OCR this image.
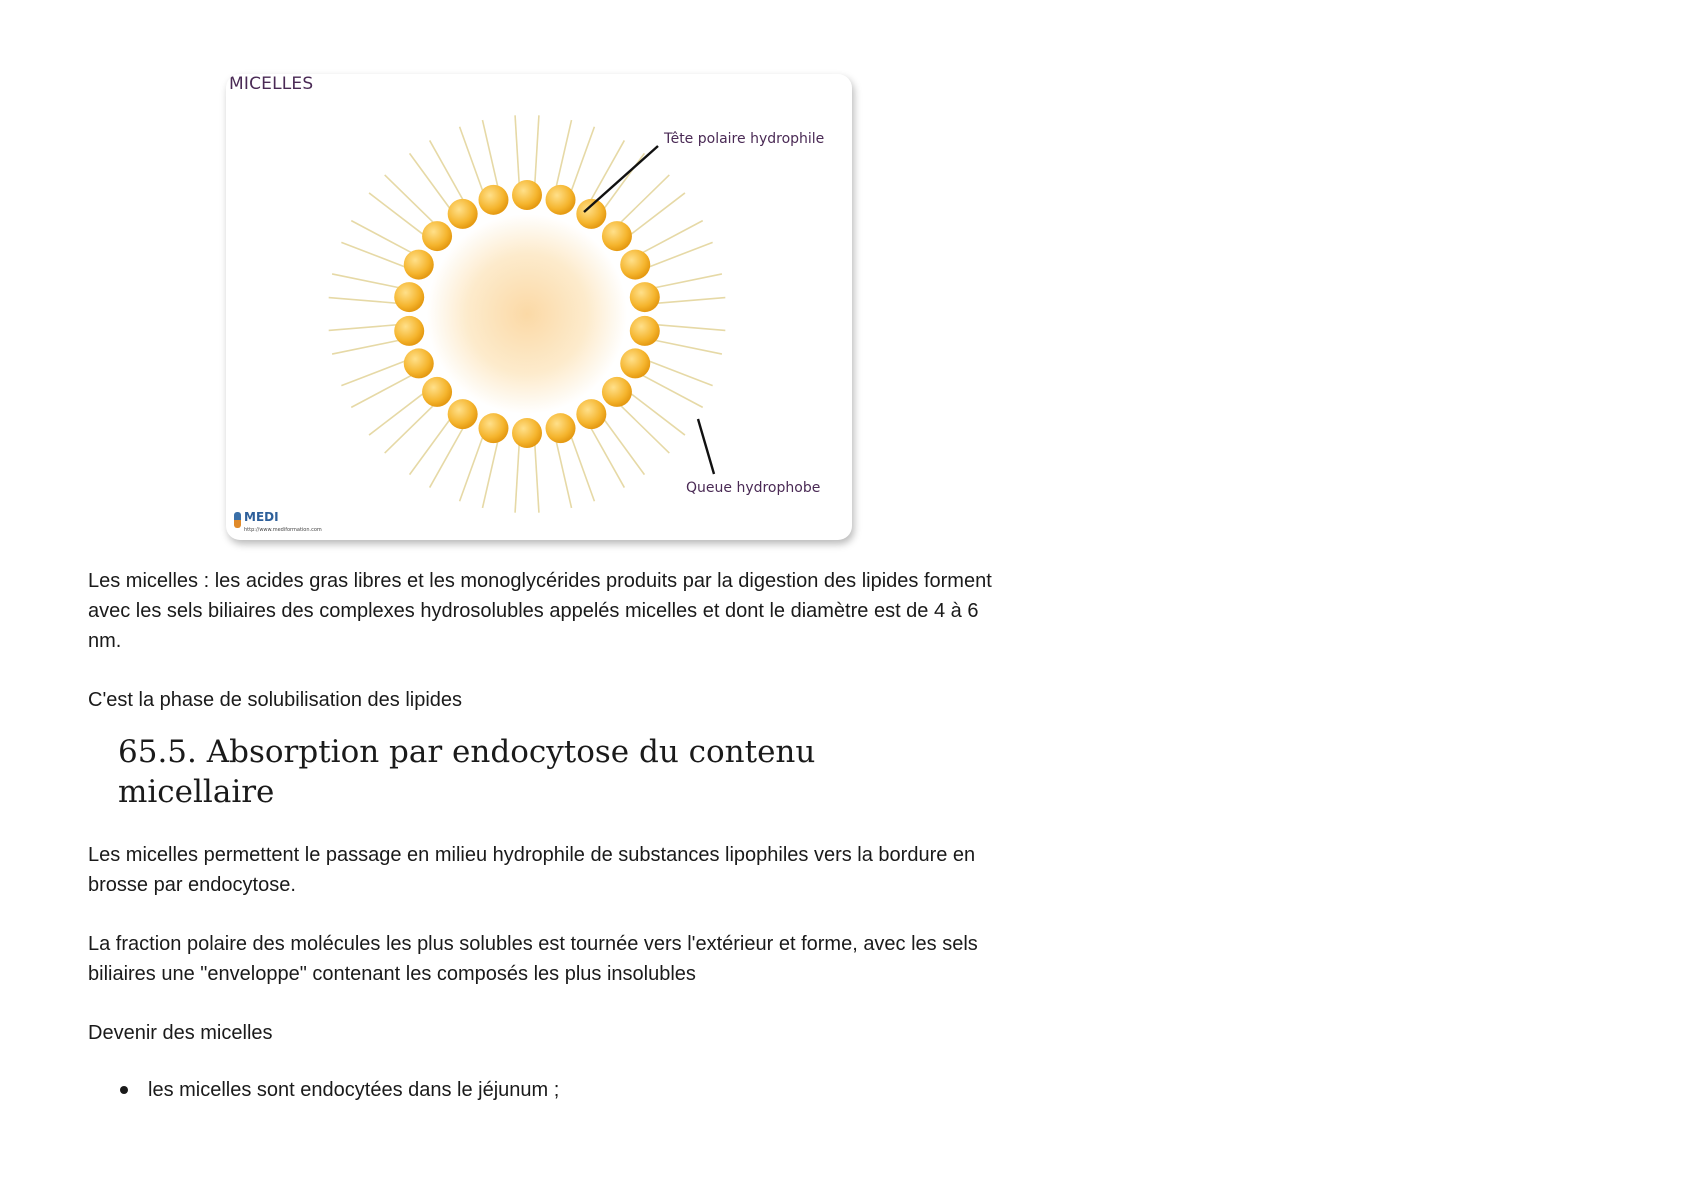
MICELLES
Tête polaire hydrophile
Queue hydrophobe
MEDI
http://www.mediformation.com

Les micelles : les acides gras libres et les monoglycérides produits par la digestion des lipides forment avec les sels biliaires des complexes hydrosolubles appelés micelles et dont le diamètre est de 4 à 6 nm.

C'est la phase de solubilisation des lipides

65.5. Absorption par endocytose du contenu micellaire

Les micelles permettent le passage en milieu hydrophile de substances lipophiles vers la bordure en brosse par endocytose.

La fraction polaire des molécules les plus solubles est tournée vers l'extérieur et forme, avec les sels biliaires une "enveloppe" contenant les composés les plus insolubles

Devenir des micelles

les micelles sont endocytées dans le jéjunum ;
